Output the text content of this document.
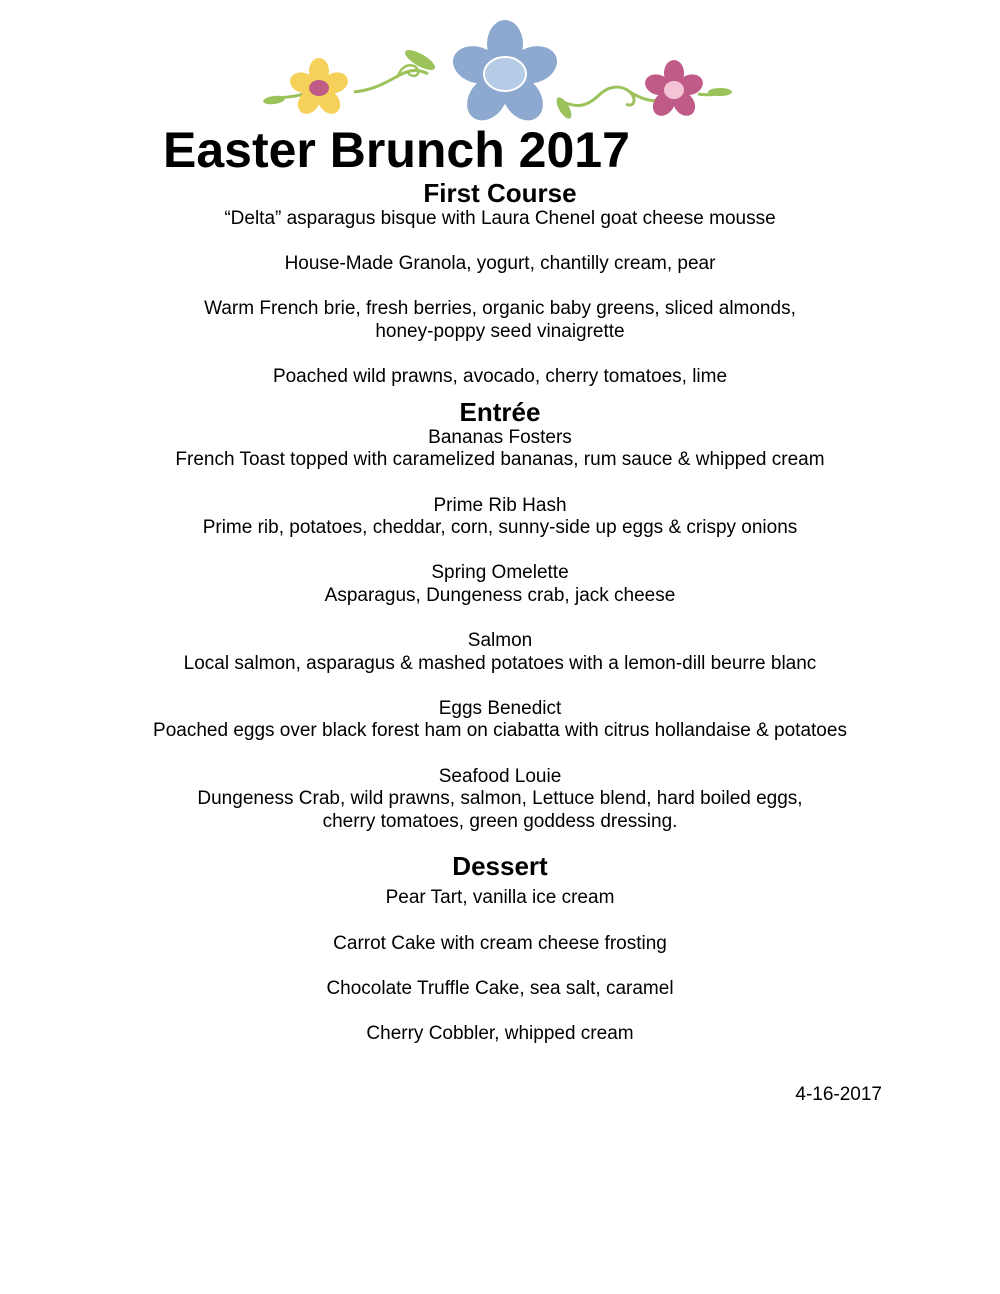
Easter Brunch 2017
First Course

“Delta” asparagus bisque with Laura Chenel goat cheese mousse

House-Made Granola, yogurt, chantilly cream, pear

Warm French brie, fresh berries, organic baby greens, sliced almonds,

honey-poppy seed vinaigrette

Poached wild prawns, avocado, cherry tomatoes, lime

Entrée

Bananas Fosters

French Toast topped with caramelized bananas, rum sauce & whipped cream

Prime Rib Hash

Prime rib, potatoes, cheddar, corn, sunny-side up eggs & crispy onions

Spring Omelette

Asparagus, Dungeness crab, jack cheese

Salmon

Local salmon, asparagus & mashed potatoes with a lemon-dill beurre blanc

Eggs Benedict

Poached eggs over black forest ham on ciabatta with citrus hollandaise & potatoes

Seafood Louie

Dungeness Crab, wild prawns, salmon, Lettuce blend, hard boiled eggs,

cherry tomatoes, green goddess dressing.

Dessert

Pear Tart, vanilla ice cream

Carrot Cake with cream cheese frosting

Chocolate Truffle Cake, sea salt, caramel

Cherry Cobbler, whipped cream

4-16-2017
